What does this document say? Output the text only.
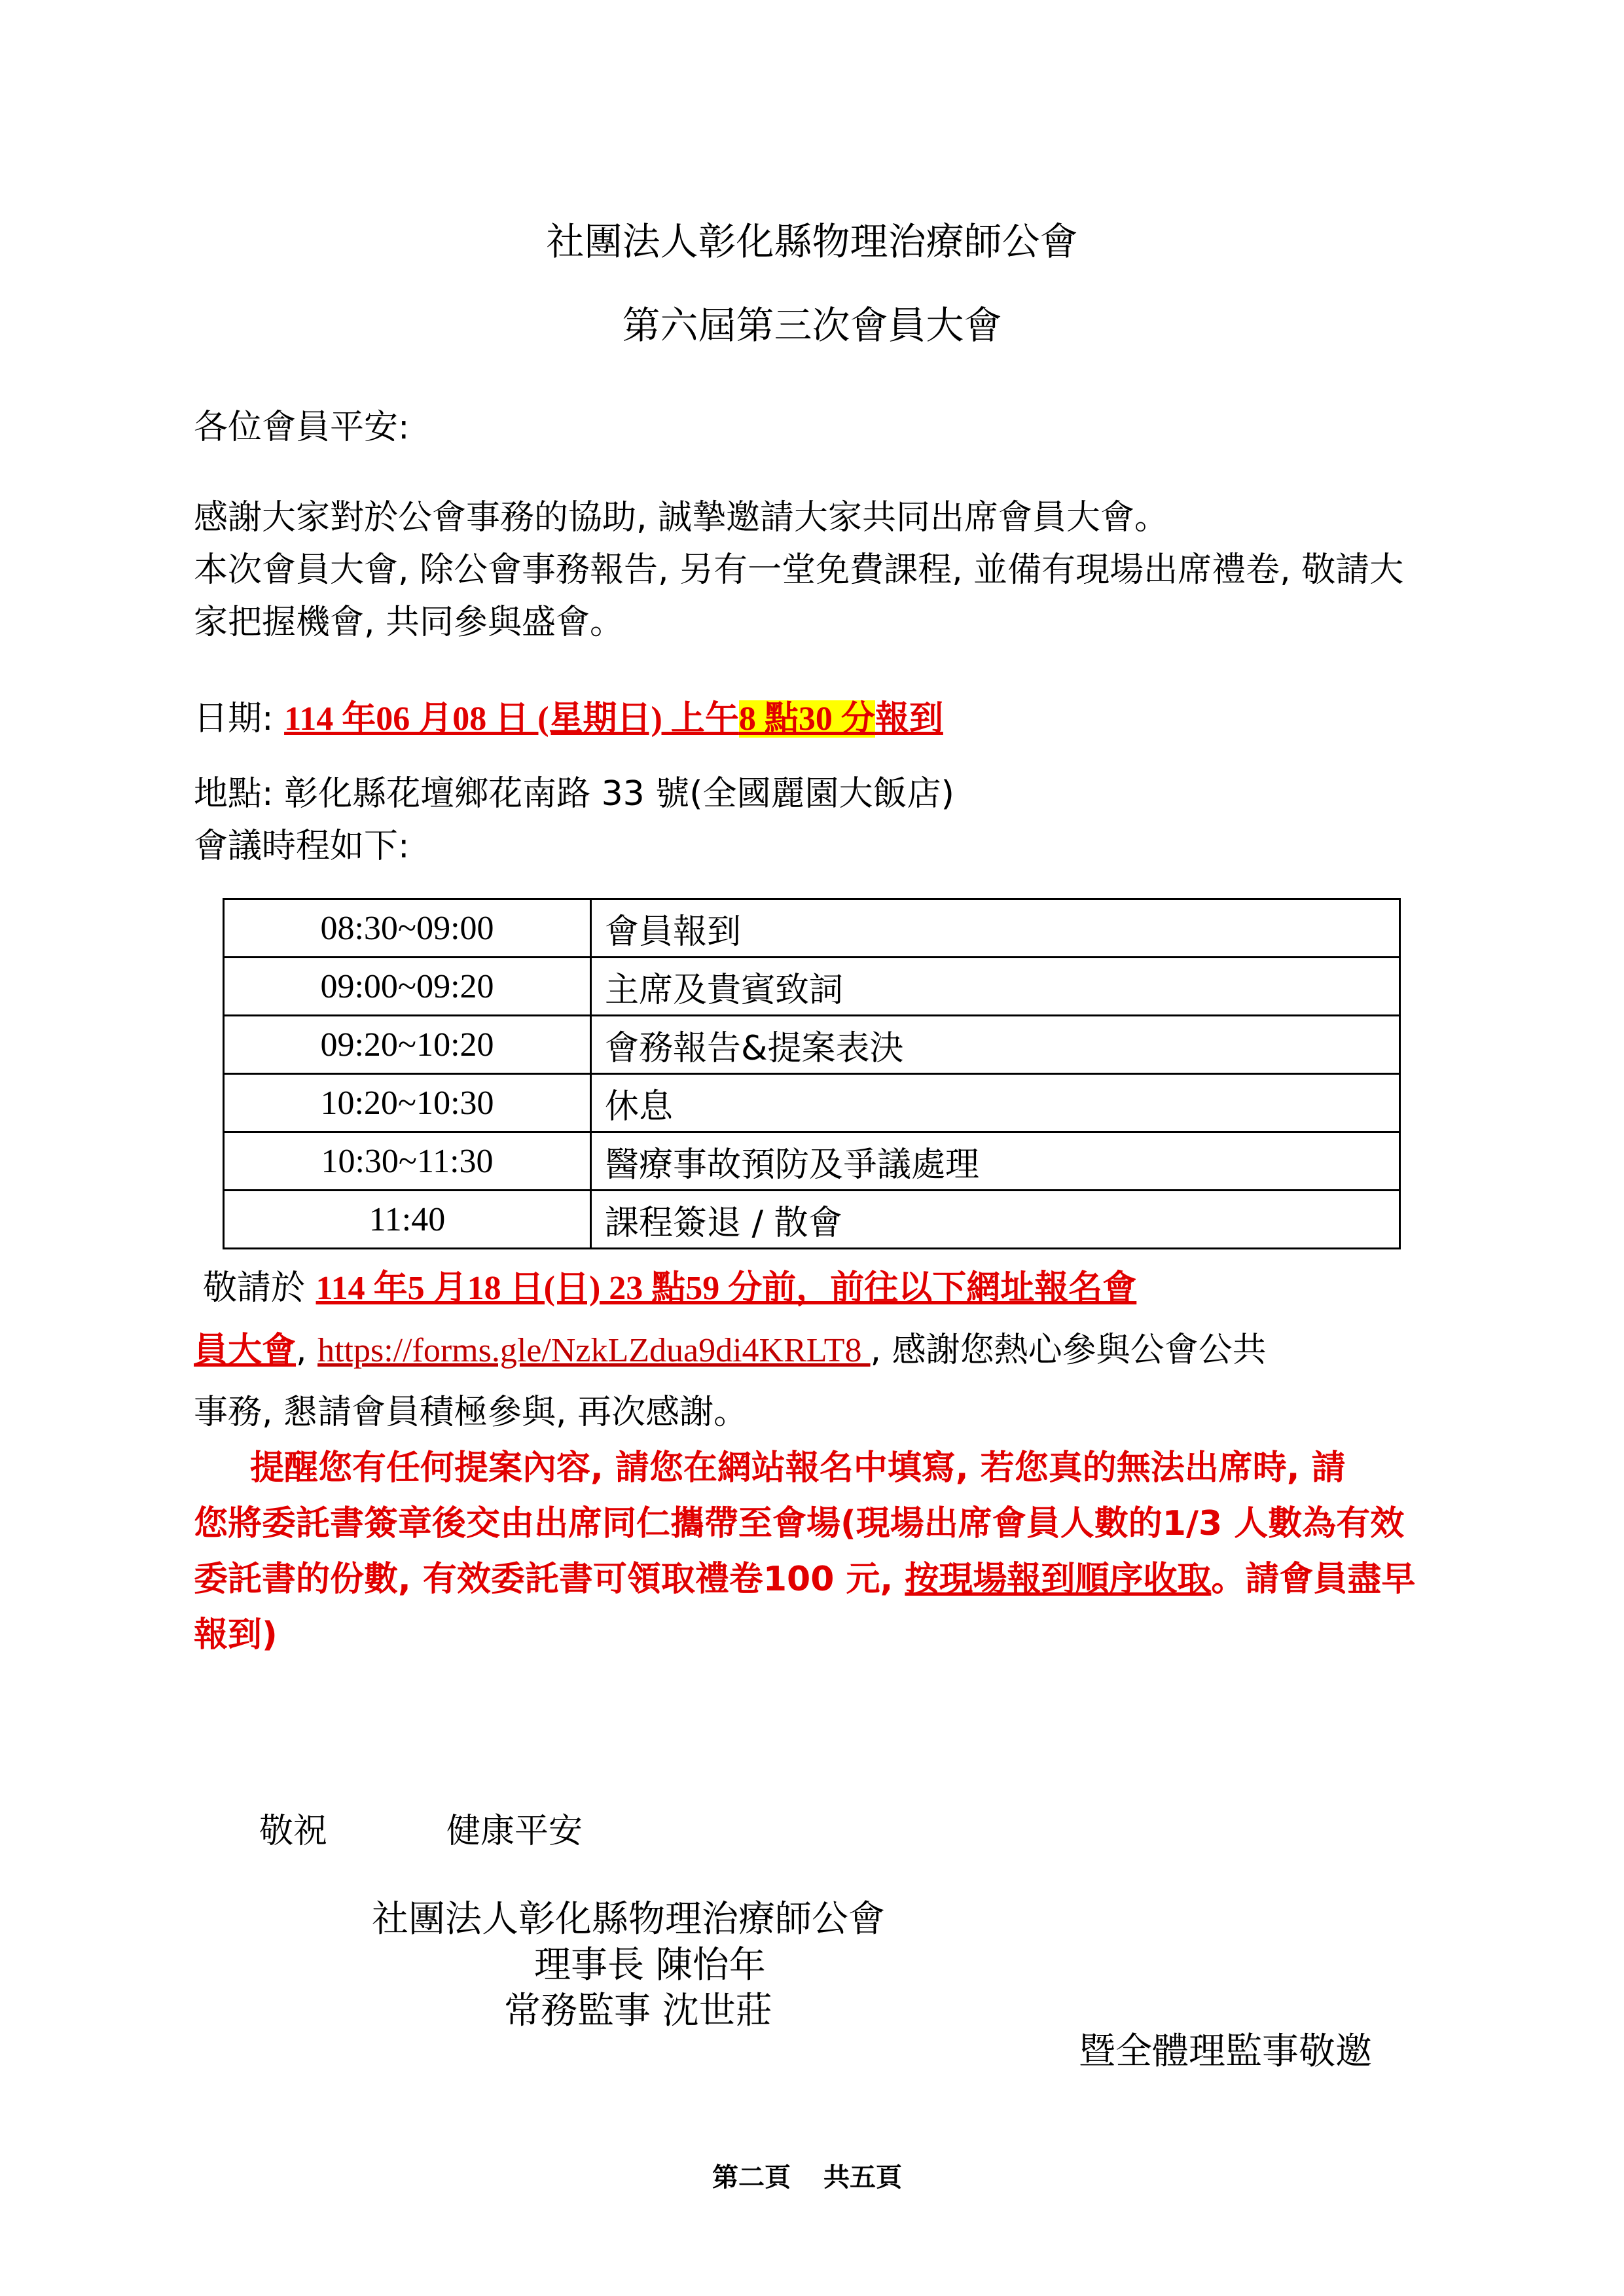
社團法人彰化縣物理治療師公會
第六屆第三次會員大會
各位會員平安:
感謝大家對於公會事務的協助, 誠摯邀請大家共同出席會員大會。
本次會員大會, 除公會事務報告, 另有一堂免費課程, 並備有現場出席禮卷, 敬請大
家把握機會, 共同參與盛會。
日期: 114 年06 月08 日 (星期日) 上午8 點30 分報到
地點: 彰化縣花壇鄉花南路 33 號(全國麗園大飯店)
會議時程如下:
08:30~09:00	會員報到
09:00~09:20	主席及貴賓致詞
09:20~10:20	會務報告&提案表決
10:20~10:30	休息
10:30~11:30	醫療事故預防及爭議處理
11:40	課程簽退 / 散會
敬請於 114 年5 月18 日(日) 23 點59 分前，前往以下網址報名會
員大會, https://forms.gle/NzkLZdua9di4KRLT8 , 感謝您熱心參與公會公共
事務, 懇請會員積極參與, 再次感謝。
提醒您有任何提案內容, 請您在網站報名中填寫, 若您真的無法出席時, 請
您將委託書簽章後交由出席同仁攜帶至會場(現場出席會員人數的1/3 人數為有效
委託書的份數, 有效委託書可領取禮卷100 元, 按現場報到順序收取。請會員盡早
報到)
敬祝	健康平安
社團法人彰化縣物理治療師公會
理事長 陳怡年
常務監事 沈世莊
暨全體理監事敬邀
第二頁 共五頁
